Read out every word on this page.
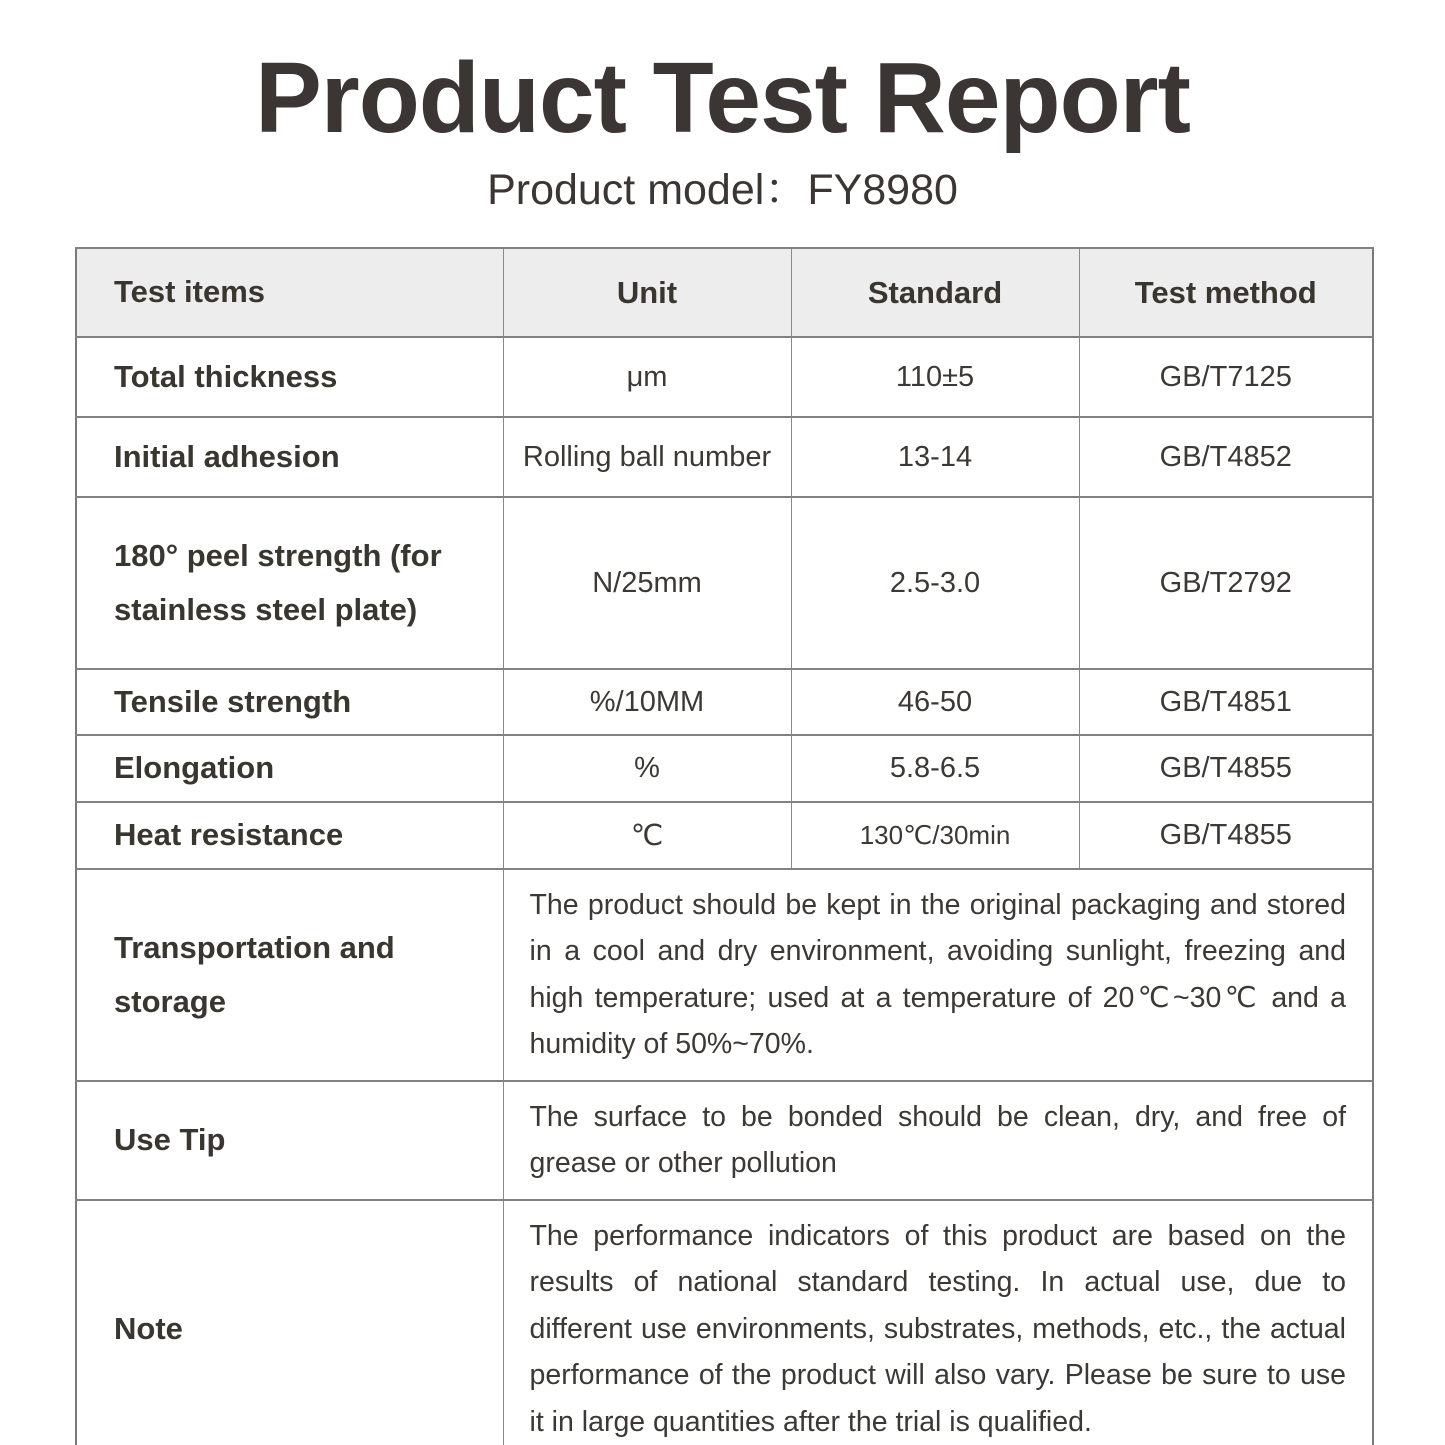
Product Test Report
Product model：FY8980
Test items	Unit	Standard	Test method
Total thickness	μm	110±5	GB/T7125
Initial adhesion	Rolling ball number	13-14	GB/T4852
180° peel strength (for stainless steel plate)	N/25mm	2.5-3.0	GB/T2792
Tensile strength	%/10MM	46-50	GB/T4851
Elongation	%	5.8-6.5	GB/T4855
Heat resistance	℃	130℃/30min	GB/T4855
Transportation and storage	The product should be kept in the original packaging and stored in a cool and dry environment, avoiding sunlight, freezing and high temperature; used at a temperature of 20℃~30℃ and a humidity of 50%~70%.		
Use Tip	The surface to be bonded should be clean, dry, and free of grease or other pollution		
Note	The performance indicators of this product are based on the results of national standard testing. In actual use, due to different use environments, substrates, methods, etc., the actual performance of the product will also vary. Please be sure to use it in large quantities after the trial is qualified.		
